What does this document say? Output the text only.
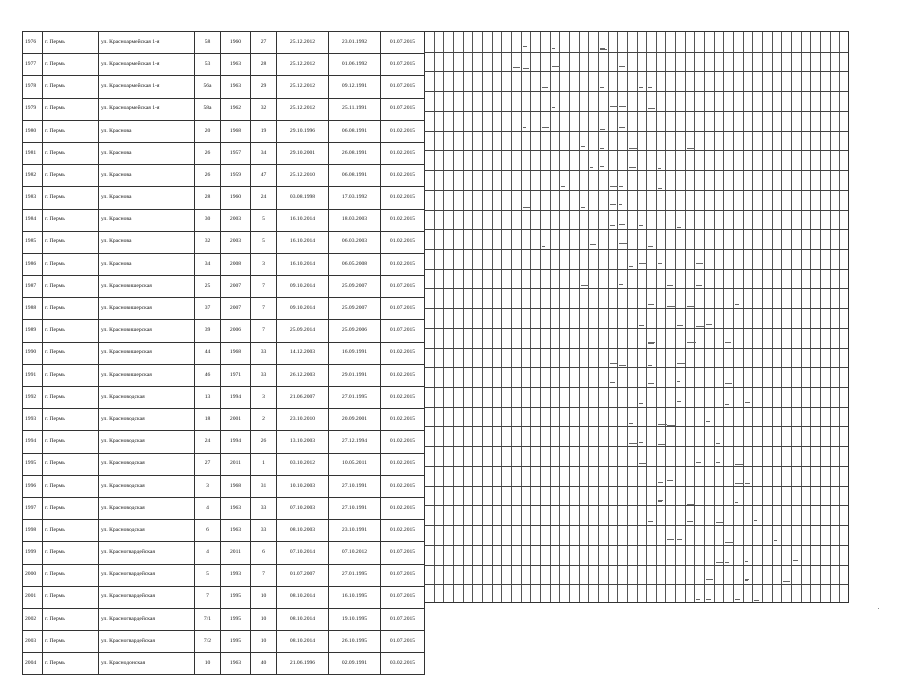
1976	г. Пермь	ул. Красноармейская 1-я	58	1960	27	25.12.2012	23.01.1992	01.07.2015
1977	г. Пермь	ул. Красноармейская 1-я	53	1963	28	25.12.2012	01.06.1992	01.07.2015
1978	г. Пермь	ул. Красноармейская 1-я	56а	1963	29	25.12.2012	09.12.1991	01.07.2015
1979	г. Пермь	ул. Красноармейская 1-я	58а	1962	32	25.12.2012	25.11.1991	01.07.2015
1980	г. Пермь	ул. Краснова	20	1968	19	29.10.1996	06.08.1991	01.02.2015
1981	г. Пермь	ул. Краснова	26	1957	34	29.10.2001	26.08.1991	01.02.2015
1982	г. Пермь	ул. Краснова	26	1959	47	25.12.2010	06.08.1991	01.02.2015
1983	г. Пермь	ул. Краснова	28	1960	24	03.08.1998	17.03.1992	01.02.2015
1984	г. Пермь	ул. Краснова	30	2003	5	16.10.2014	18.03.2003	01.02.2015
1985	г. Пермь	ул. Краснова	32	2003	5	16.10.2014	06.03.2003	01.02.2015
1986	г. Пермь	ул. Краснова	34	2008	3	16.10.2014	06.05.2008	01.02.2015
1987	г. Пермь	ул. Красновишерская	25	2007	7	09.10.2014	25.09.2007	01.07.2015
1988	г. Пермь	ул. Красновишерская	37	2007	7	09.10.2014	25.09.2007	01.07.2015
1989	г. Пермь	ул. Красновишерская	39	2006	7	25.09.2014	25.09.2006	01.07.2015
1990	г. Пермь	ул. Красновишерская	44	1968	33	14.12.2003	16.09.1991	01.02.2015
1991	г. Пермь	ул. Красновишерская	46	1971	33	26.12.2003	29.01.1991	01.02.2015
1992	г. Пермь	ул. Красноводская	13	1994	3	21.06.2007	27.01.1995	01.02.2015
1993	г. Пермь	ул. Красноводская	18	2001	2	23.10.2010	20.09.2001	01.02.2015
1994	г. Пермь	ул. Красноводская	24	1994	26	13.10.2003	27.12.1994	01.02.2015
1995	г. Пермь	ул. Красноводская	27	2011	1	03.10.2012	10.05.2011	01.02.2015
1996	г. Пермь	ул. Красноводская	3	1968	31	10.10.2003	27.10.1991	01.02.2015
1997	г. Пермь	ул. Красноводская	4	1963	33	07.10.2003	27.10.1991	01.02.2015
1998	г. Пермь	ул. Красноводская	6	1963	33	08.10.2003	23.10.1991	01.02.2015
1999	г. Пермь	ул. Красногвардейская	4	2011	6	07.10.2014	07.10.2012	01.07.2015
2000	г. Пермь	ул. Красногвардейская	5	1993	7	01.07.2007	27.01.1995	01.07.2015
2001	г. Пермь	ул. Красногвардейская	7	1995	10	08.10.2014	16.10.1995	01.07.2015
2002	г. Пермь	ул. Красногвардейская	7/1	1995	10	08.10.2014	19.10.1995	01.07.2015
2003	г. Пермь	ул. Красногвардейская	7/2	1995	10	08.10.2014	26.10.1995	01.07.2015
2004	г. Пермь	ул. Краснодонская	10	1963	40	21.06.1996	02.09.1991	03.02.2015
